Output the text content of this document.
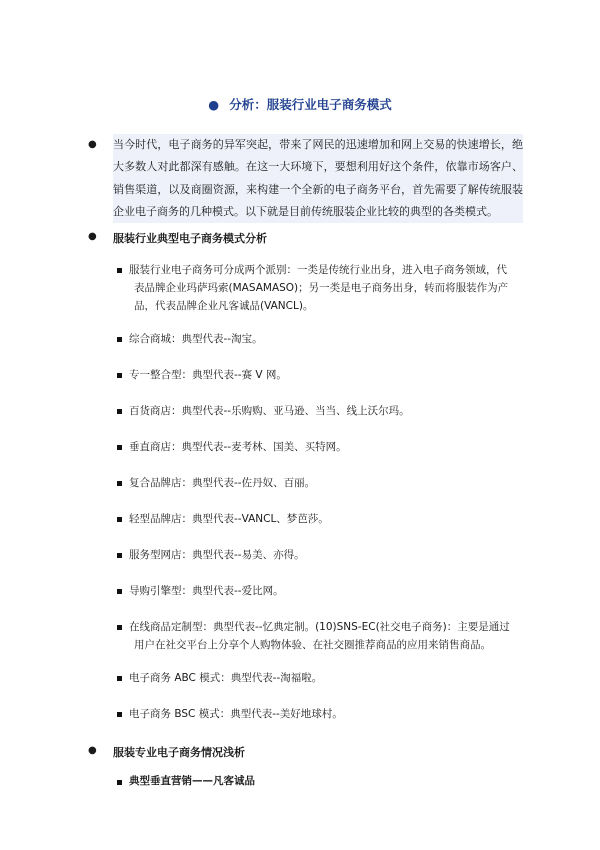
● 分析：服装行业电子商务模式
● 当今时代，电子商务的异军突起，带来了网民的迅速增加和网上交易的快速增长，绝大多数人对此都深有感触。在这一大环境下，要想利用好这个条件，依靠市场客户、销售渠道，以及商圈资源，来构建一个全新的电子商务平台，首先需要了解传统服装企业电子商务的几种模式。以下就是目前传统服装企业比较的典型的各类模式。
● 服装行业典型电子商务模式分析
服装行业电子商务可分成两个派别：一类是传统行业出身，进入电子商务领域，代
表品牌企业玛萨玛索(MASAMASO)；另一类是电子商务出身，转而将服装作为产
品，代表品牌企业凡客诚品(VANCL)。
综合商城：典型代表--淘宝。
专一整合型：典型代表--赛 V 网。
百货商店：典型代表--乐购购、亚马逊、当当、线上沃尔玛。
垂直商店：典型代表--麦考林、国美、买特网。
复合品牌店：典型代表--佐丹奴、百丽。
轻型品牌店：典型代表--VANCL、梦芭莎。
服务型网店：典型代表--易美、亦得。
导购引擎型：典型代表--爱比网。
在线商品定制型：典型代表--忆典定制。(10)SNS-EC(社交电子商务)：主要是通过
用户在社交平台上分享个人购物体验、在社交圈推荐商品的应用来销售商品。
电子商务 ABC 模式：典型代表--淘福啦。
电子商务 BSC 模式：典型代表--美好地球村。
● 服装专业电子商务情况浅析
典型垂直营销——凡客诚品
